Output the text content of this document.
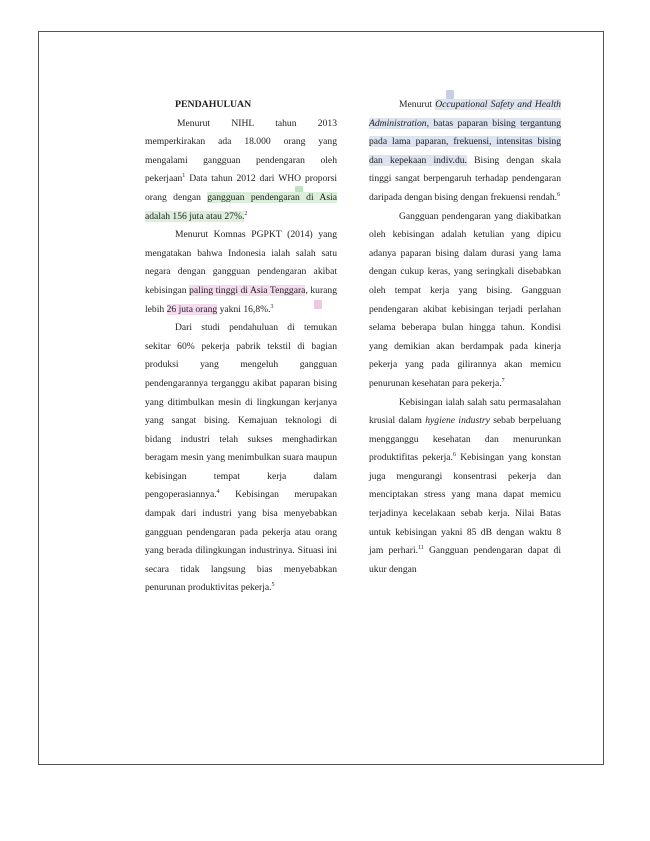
PENDAHULUAN

Menurut NIHL tahun 2013 memperkirakan ada 18.000 orang yang mengalami gangguan pendengaran oleh pekerjaan$^1$ Data tahun 2012 dari WHO proporsi orang dengan gangguan pendengaran di Asia adalah 156 juta atau 27%.$^2$

Menurut Komnas PGPKT (2014) yang mengatakan bahwa Indonesia ialah salah satu negara dengan gangguan pendengaran akibat kebisingan paling tinggi di Asia Tenggara, kurang lebih 26 juta orang yakni 16,8%.$^3$

Dari studi pendahuluan di temukan sekitar 60% pekerja pabrik tekstil di bagian produksi yang mengeluh gangguan pendengarannya terganggu akibat paparan bising yang ditimbulkan mesin di lingkungan kerjanya yang sangat bising. Kemajuan teknologi di bidang industri telah sukses menghadirkan beragam mesin yang menimbulkan suara maupun kebisingan tempat kerja dalam pengoperasiannya.$^4$ Kebisingan merupakan dampak dari industri yang bisa menyebabkan gangguan pendengaran pada pekerja atau orang yang berada dilingkungan industrinya. Situasi ini secara tidak langsung bias menyebabkan penurunan produktivitas pekerja.$^5$

Menurut Occupational Safety and Health Administration, batas paparan bising tergantung pada lama paparan, frekuensi, intensitas bising dan kepekaan indiv.du. Bising dengan skala tinggi sangat berpengaruh terhadap pendengaran daripada dengan bising dengan frekuensi rendah.$^6$

Gangguan pendengaran yang diakibatkan oleh kebisingan adalah ketulian yang dipicu adanya paparan bising dalam durasi yang lama dengan cukup keras, yang seringkali disebabkan oleh tempat kerja yang bising. Gangguan pendengaran akibat kebisingan terjadi perlahan selama beberapa bulan hingga tahun. Kondisi yang demikian akan berdampak pada kinerja pekerja yang pada gilirannya akan memicu penurunan kesehatan para pekerja.$^7$

Kebisingan ialah salah satu permasalahan krusial dalam hygiene industry sebab berpeluang mengganggu kesehatan dan menurunkan produktifitas pekerja.$^6$ Kebisingan yang konstan juga mengurangi konsentrasi pekerja dan menciptakan stress yang mana dapat memicu terjadinya kecelakaan sebab kerja. Nilai Batas untuk kebisingan yakni 85 dB dengan waktu 8 jam perhari.$^{11}$ Gangguan pendengaran dapat di ukur dengan
